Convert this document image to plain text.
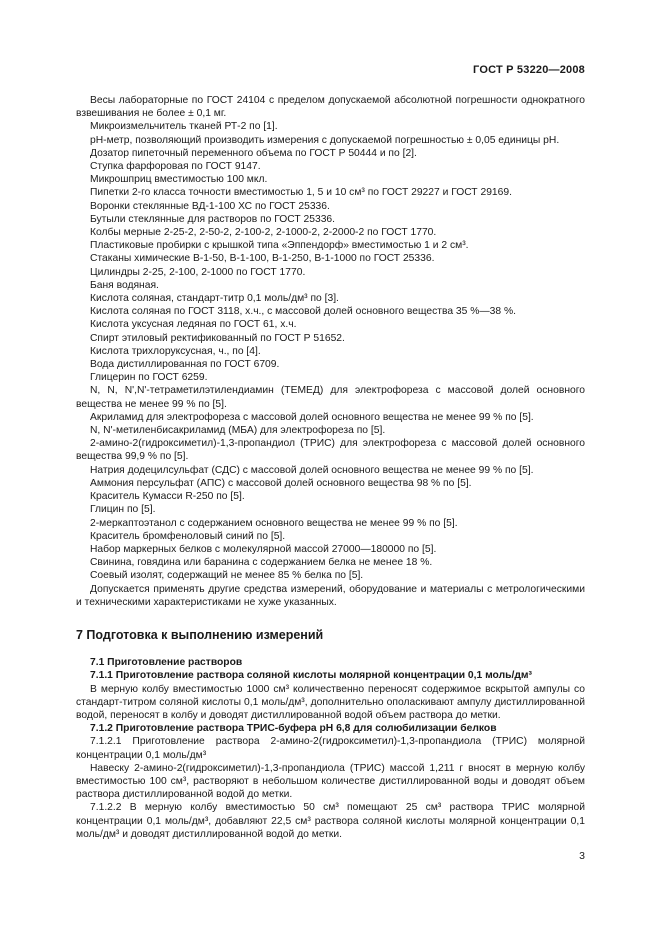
ГОСТ Р 53220—2008

Весы лабораторные по ГОСТ 24104 с пределом допускаемой абсолютной погрешности однократного взвешивания не более ± 0,1 мг.

Микроизмельчитель тканей РТ-2 по [1].

pH-метр, позволяющий производить измерения с допускаемой погрешностью ± 0,05 единицы pH.

Дозатор пипеточный переменного объема по ГОСТ Р 50444 и по [2].

Ступка фарфоровая по ГОСТ 9147.

Микрошприц вместимостью 100 мкл.

Пипетки 2-го класса точности вместимостью 1, 5 и 10 см³ по ГОСТ 29227 и ГОСТ 29169.

Воронки стеклянные ВД-1-100 ХС по ГОСТ 25336.

Бутыли стеклянные для растворов по ГОСТ 25336.

Колбы мерные 2-25-2, 2-50-2, 2-100-2, 2-1000-2, 2-2000-2 по ГОСТ 1770.

Пластиковые пробирки с крышкой типа «Эппендорф» вместимостью 1 и 2 см³.

Стаканы химические В-1-50, В-1-100, В-1-250, В-1-1000 по ГОСТ 25336.

Цилиндры 2-25, 2-100, 2-1000 по ГОСТ 1770.

Баня водяная.

Кислота соляная, стандарт-титр 0,1 моль/дм³ по [3].

Кислота соляная по ГОСТ 3118, х.ч., с массовой долей основного вещества 35 %—38 %.

Кислота уксусная ледяная по ГОСТ 61, х.ч.

Спирт этиловый ректификованный по ГОСТ Р 51652.

Кислота трихлоруксусная, ч., по [4].

Вода дистиллированная по ГОСТ 6709.

Глицерин по ГОСТ 6259.

N, N, N',N'-тетраметилэтилендиамин (ТЕМЕД) для электрофореза с массовой долей основного вещества не менее 99 % по [5].

Акриламид для электрофореза с массовой долей основного вещества не менее 99 % по [5].

N, N'-метиленбисакриламид (МБА) для электрофореза по [5].

2-амино-2(гидроксиметил)-1,3-пропандиол (ТРИС) для электрофореза с массовой долей основного вещества 99,9 % по [5].

Натрия додецилсульфат (СДС) с массовой долей основного вещества не менее 99 % по [5].

Аммония персульфат (АПС) с массовой долей основного вещества 98 % по [5].

Краситель Кумасси R-250 по [5].

Глицин по [5].

2-меркаптоэтанол с содержанием основного вещества не менее 99 % по [5].

Краситель бромфеноловый синий по [5].

Набор маркерных белков с молекулярной массой 27000—180000 по [5].

Свинина, говядина или баранина с содержанием белка не менее 18 %.

Соевый изолят, содержащий не менее 85 % белка по [5].

Допускается применять другие средства измерений, оборудование и материалы с метрологическими и техническими характеристиками не хуже указанных.

7 Подготовка к выполнению измерений

7.1 Приготовление растворов

7.1.1 Приготовление раствора соляной кислоты молярной концентрации 0,1 моль/дм³

В мерную колбу вместимостью 1000 см³ количественно переносят содержимое вскрытой ампулы со стандарт-титром соляной кислоты 0,1 моль/дм³, дополнительно ополаскивают ампулу дистиллированной водой, переносят в колбу и доводят дистиллированной водой объем раствора до метки.

7.1.2 Приготовление раствора ТРИС-буфера pH 6,8 для солюбилизации белков

7.1.2.1 Приготовление раствора 2-амино-2(гидроксиметил)-1,3-пропандиола (ТРИС) молярной концентрации 0,1 моль/дм³

Навеску 2-амино-2(гидроксиметил)-1,3-пропандиола (ТРИС) массой 1,211 г вносят в мерную колбу вместимостью 100 см³, растворяют в небольшом количестве дистиллированной воды и доводят объем раствора дистиллированной водой до метки.

7.1.2.2 В мерную колбу вместимостью 50 см³ помещают 25 см³ раствора ТРИС молярной концентрации 0,1 моль/дм³, добавляют 22,5 см³ раствора соляной кислоты молярной концентрации 0,1 моль/дм³ и доводят дистиллированной водой до метки.

3
